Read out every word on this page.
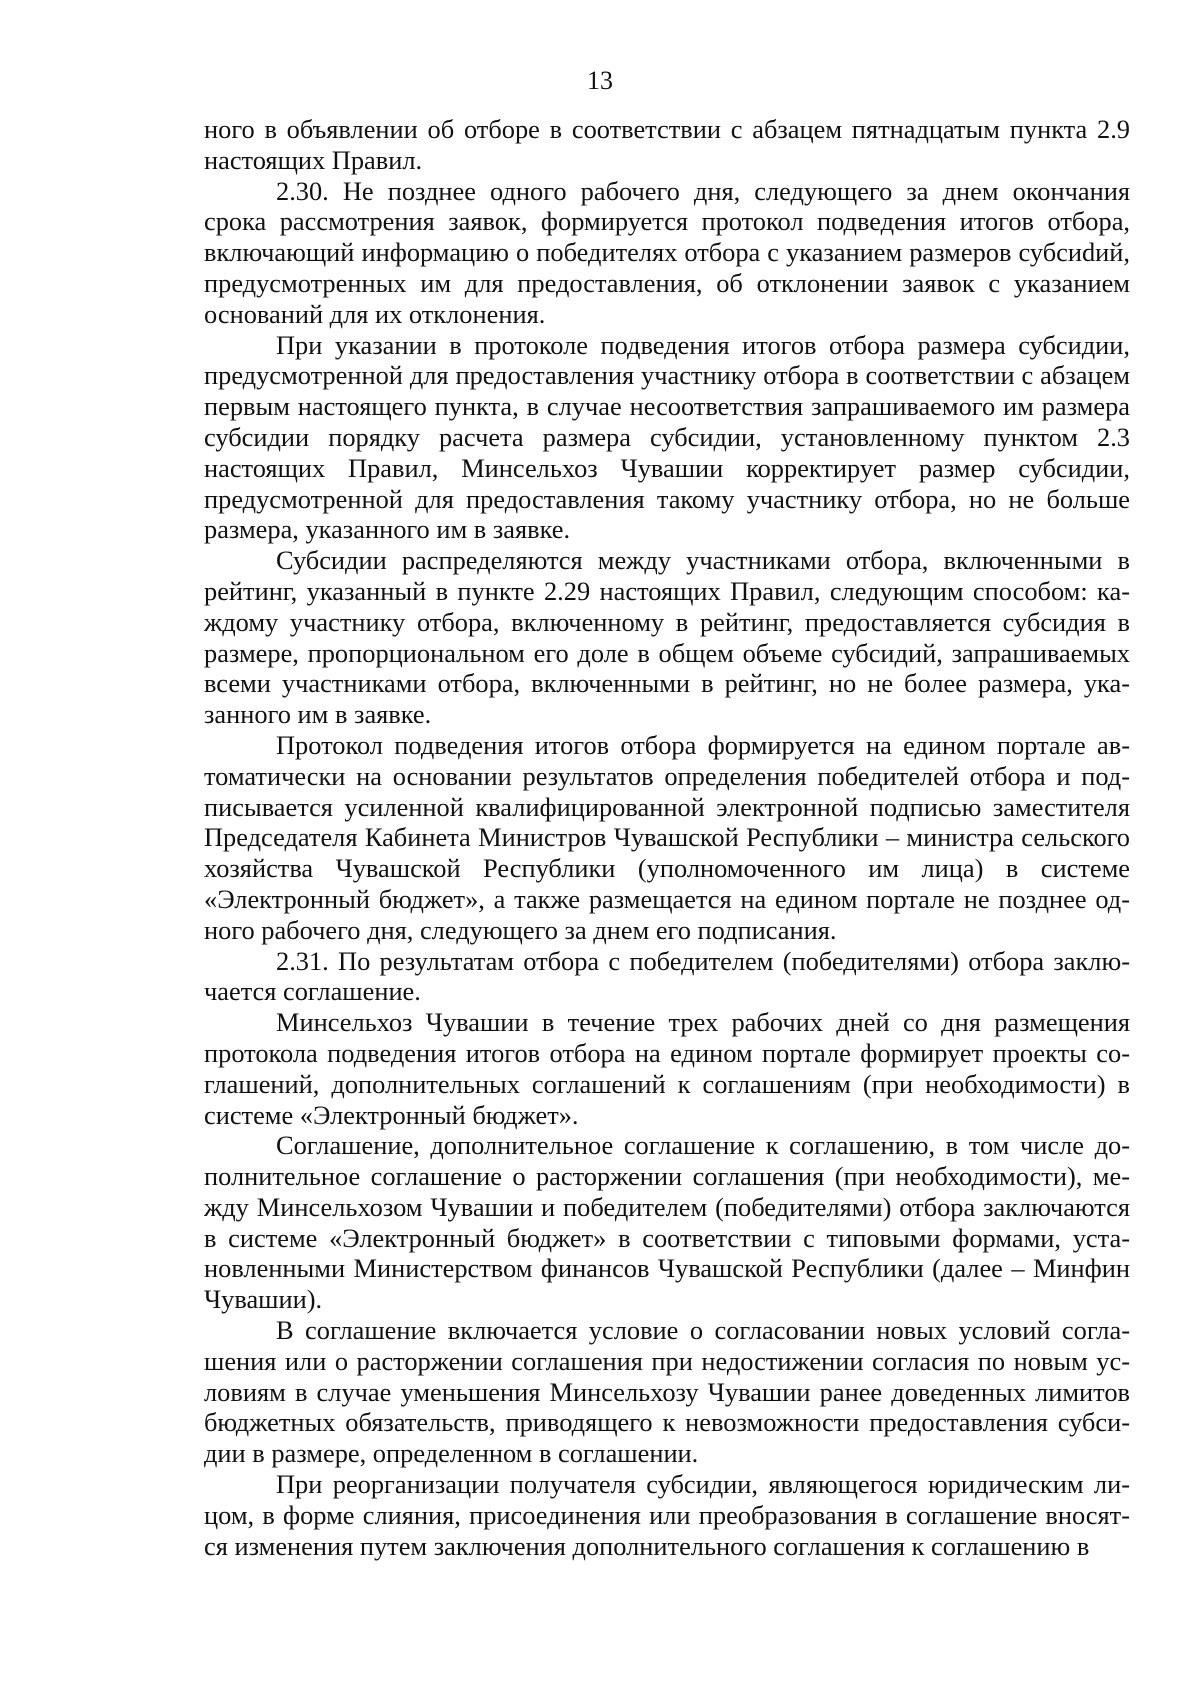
13

ного в объявлении об отборе в соответствии с абзацем пятнадцатым пункта 2.9 настоящих Правил.

2.30. Не позднее одного рабочего дня, следующего за днем окончания срока рассмотрения заявок, формируется протокол подведения итогов отбора, включающий информацию о победителях отбора с указанием размеров субсиdий, предусмотренных им для предоставления, об отклонении заявок с указанием оснований для их отклонения.

При указании в протоколе подведения итогов отбора размера субсидии, предусмотренной для предоставления участнику отбора в соответствии с абзацем первым настоящего пункта, в случае несоответствия запрашиваемого им размера субсидии порядку расчета размера субсидии, установленному пунктом 2.3 настоящих Правил, Минсельхоз Чувашии корректирует размер субсидии, предусмотренной для предоставления такому участнику отбора, но не больше размера, указанного им в заявке.

Субсидии распределяются между участниками отбора, включенными в рейтинг, указанный в пункте 2.29 настоящих Правил, следующим способом: каждому участнику отбора, включенному в рейтинг, предоставляется субсидия в размере, пропорциональном его доле в общем объеме субсидий, запрашиваемых всеми участниками отбора, включенными в рейтинг, но не более размера, указанного им в заявке.

Протокол подведения итогов отбора формируется на едином портале автоматически на основании результатов определения победителей отбора и подписывается усиленной квалифицированной электронной подписью заместителя Председателя Кабинета Министров Чувашской Республики – министра сельского хозяйства Чувашской Республики (уполномоченного им лица) в системе «Электронный бюджет», а также размещается на едином портале не позднее одного рабочего дня, следующего за днем его подписания.

2.31. По результатам отбора с победителем (победителями) отбора заключается соглашение.

Минсельхоз Чувашии в течение трех рабочих дней со дня размещения протокола подведения итогов отбора на едином портале формирует проекты соглашений, дополнительных соглашений к соглашениям (при необходимости) в системе «Электронный бюджет».

Соглашение, дополнительное соглашение к соглашению, в том числе дополнительное соглашение о расторжении соглашения (при необходимости), между Минсельхозом Чувашии и победителем (победителями) отбора заключаются в системе «Электронный бюджет» в соответствии с типовыми формами, установленными Министерством финансов Чувашской Республики (далее – Минфин Чувашии).

В соглашение включается условие о согласовании новых условий соглашения или о расторжении соглашения при недостижении согласия по новым условиям в случае уменьшения Минсельхозу Чувашии ранее доведенных лимитов бюджетных обязательств, приводящего к невозможности предоставления субсидии в размере, определенном в соглашении.

При реорганизации получателя субсидии, являющегося юридическим лицом, в форме слияния, присоединения или преобразования в соглашение вносятся изменения путем заключения дополнительного соглашения к соглашению в
